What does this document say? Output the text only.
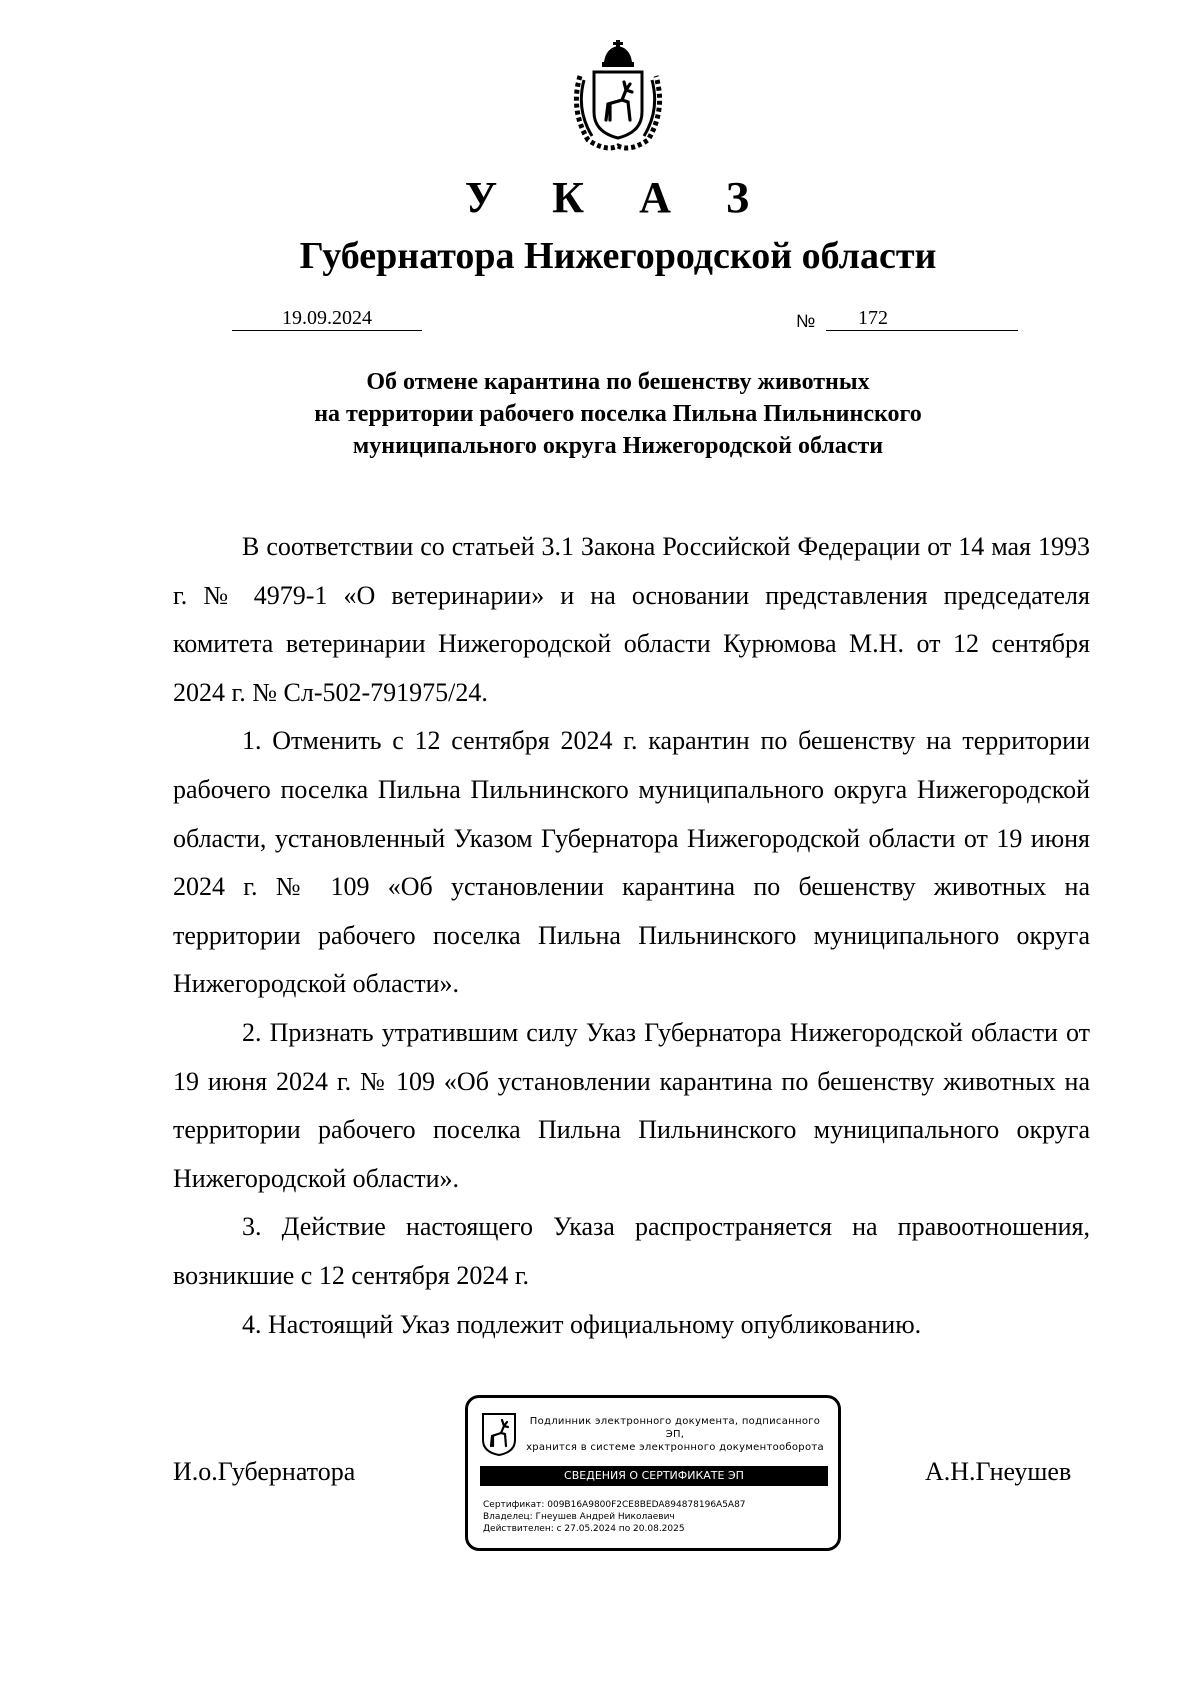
У К А З
Губернатора Нижегородской области
19.09.2024	№	172
Об отмене карантина по бешенству животных
на территории рабочего поселка Пильна Пильнинского
муниципального округа Нижегородской области

В соответствии со статьей 3.1 Закона Российской Федерации от 14 мая 1993 г. № 4979-1 «О ветеринарии» и на основании представления председателя комитета ветеринарии Нижегородской области Курюмова М.Н. от 12 сентября 2024 г. № Сл-502-791975/24.

1. Отменить с 12 сентября 2024 г. карантин по бешенству на территории рабочего поселка Пильна Пильнинского муниципального округа Нижегородской области, установленный Указом Губернатора Нижегородской области от 19 июня 2024 г. № 109 «Об установлении карантина по бешенству животных на территории рабочего поселка Пильна Пильнинского муниципального округа Нижегородской области».

2. Признать утратившим силу Указ Губернатора Нижегородской области от 19 июня 2024 г. № 109 «Об установлении карантина по бешенству животных на территории рабочего поселка Пильна Пильнинского муниципального округа Нижегородской области».

3. Действие настоящего Указа распространяется на правоотношения, возникшие с 12 сентября 2024 г.

4. Настоящий Указ подлежит официальному опубликованию.

И.о.Губернатора	А.Н.Гнеушев
Подлинник электронного документа, подписанного ЭП,
хранится в системе электронного документооборота
СВЕДЕНИЯ О СЕРТИФИКАТЕ ЭП
Сертификат: 009B16A9800F2CE8BEDA894878196A5A87
Владелец: Гнеушев Андрей Николаевич
Действителен: с 27.05.2024 по 20.08.2025
